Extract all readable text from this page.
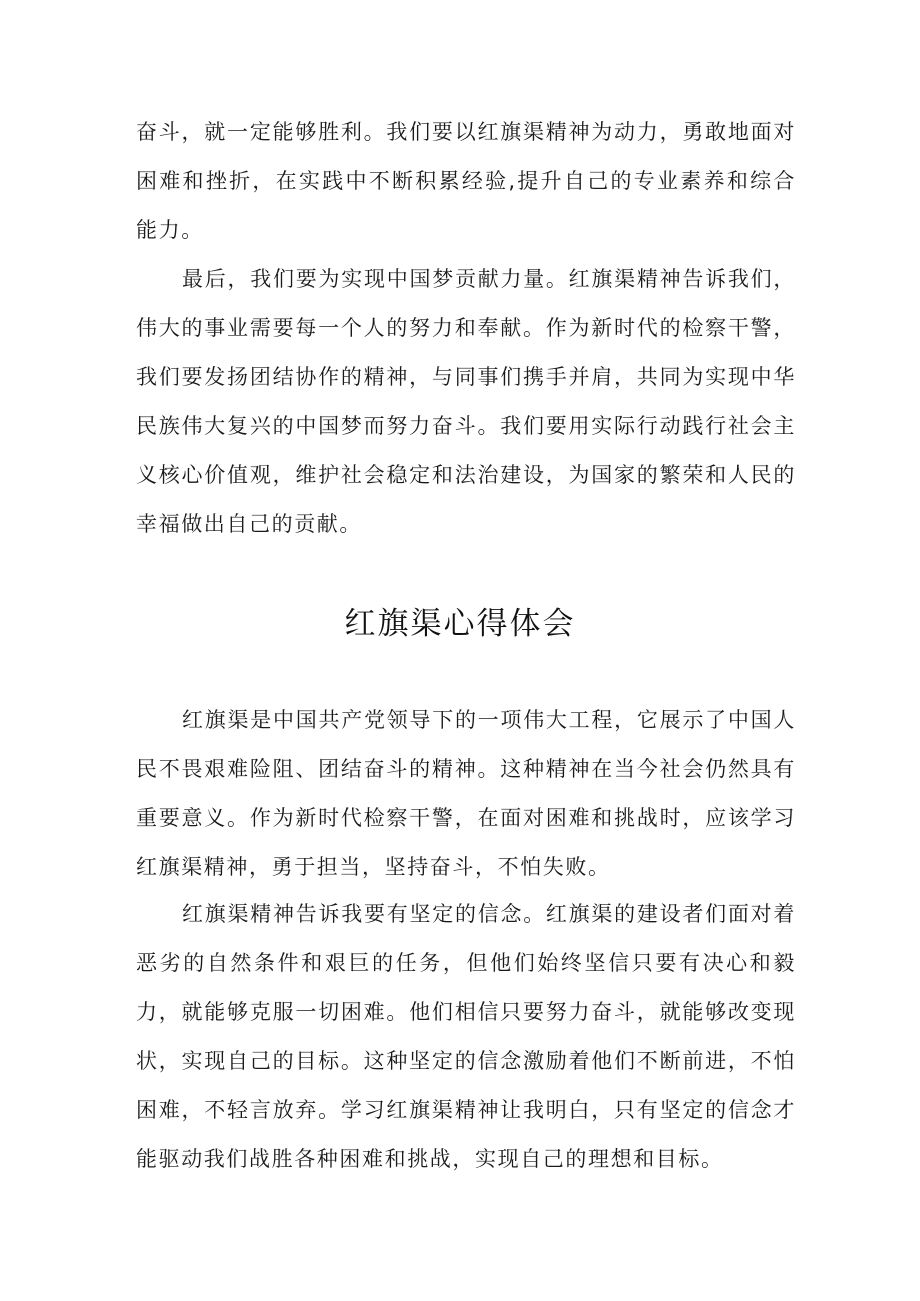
奋斗，就一定能够胜利。我们要以红旗渠精神为动力，勇敢地面对困难和挫折，在实践中不断积累经验,提升自己的专业素养和综合能力。

最后，我们要为实现中国梦贡献力量。红旗渠精神告诉我们，伟大的事业需要每一个人的努力和奉献。作为新时代的检察干警，我们要发扬团结协作的精神，与同事们携手并肩，共同为实现中华民族伟大复兴的中国梦而努力奋斗。我们要用实际行动践行社会主义核心价值观，维护社会稳定和法治建设，为国家的繁荣和人民的幸福做出自己的贡献。

红旗渠心得体会

红旗渠是中国共产党领导下的一项伟大工程，它展示了中国人民不畏艰难险阻、团结奋斗的精神。这种精神在当今社会仍然具有重要意义。作为新时代检察干警，在面对困难和挑战时，应该学习红旗渠精神，勇于担当，坚持奋斗，不怕失败。

红旗渠精神告诉我要有坚定的信念。红旗渠的建设者们面对着恶劣的自然条件和艰巨的任务，但他们始终坚信只要有决心和毅力，就能够克服一切困难。他们相信只要努力奋斗，就能够改变现状，实现自己的目标。这种坚定的信念激励着他们不断前进，不怕困难，不轻言放弃。学习红旗渠精神让我明白，只有坚定的信念才能驱动我们战胜各种困难和挑战，实现自己的理想和目标。
